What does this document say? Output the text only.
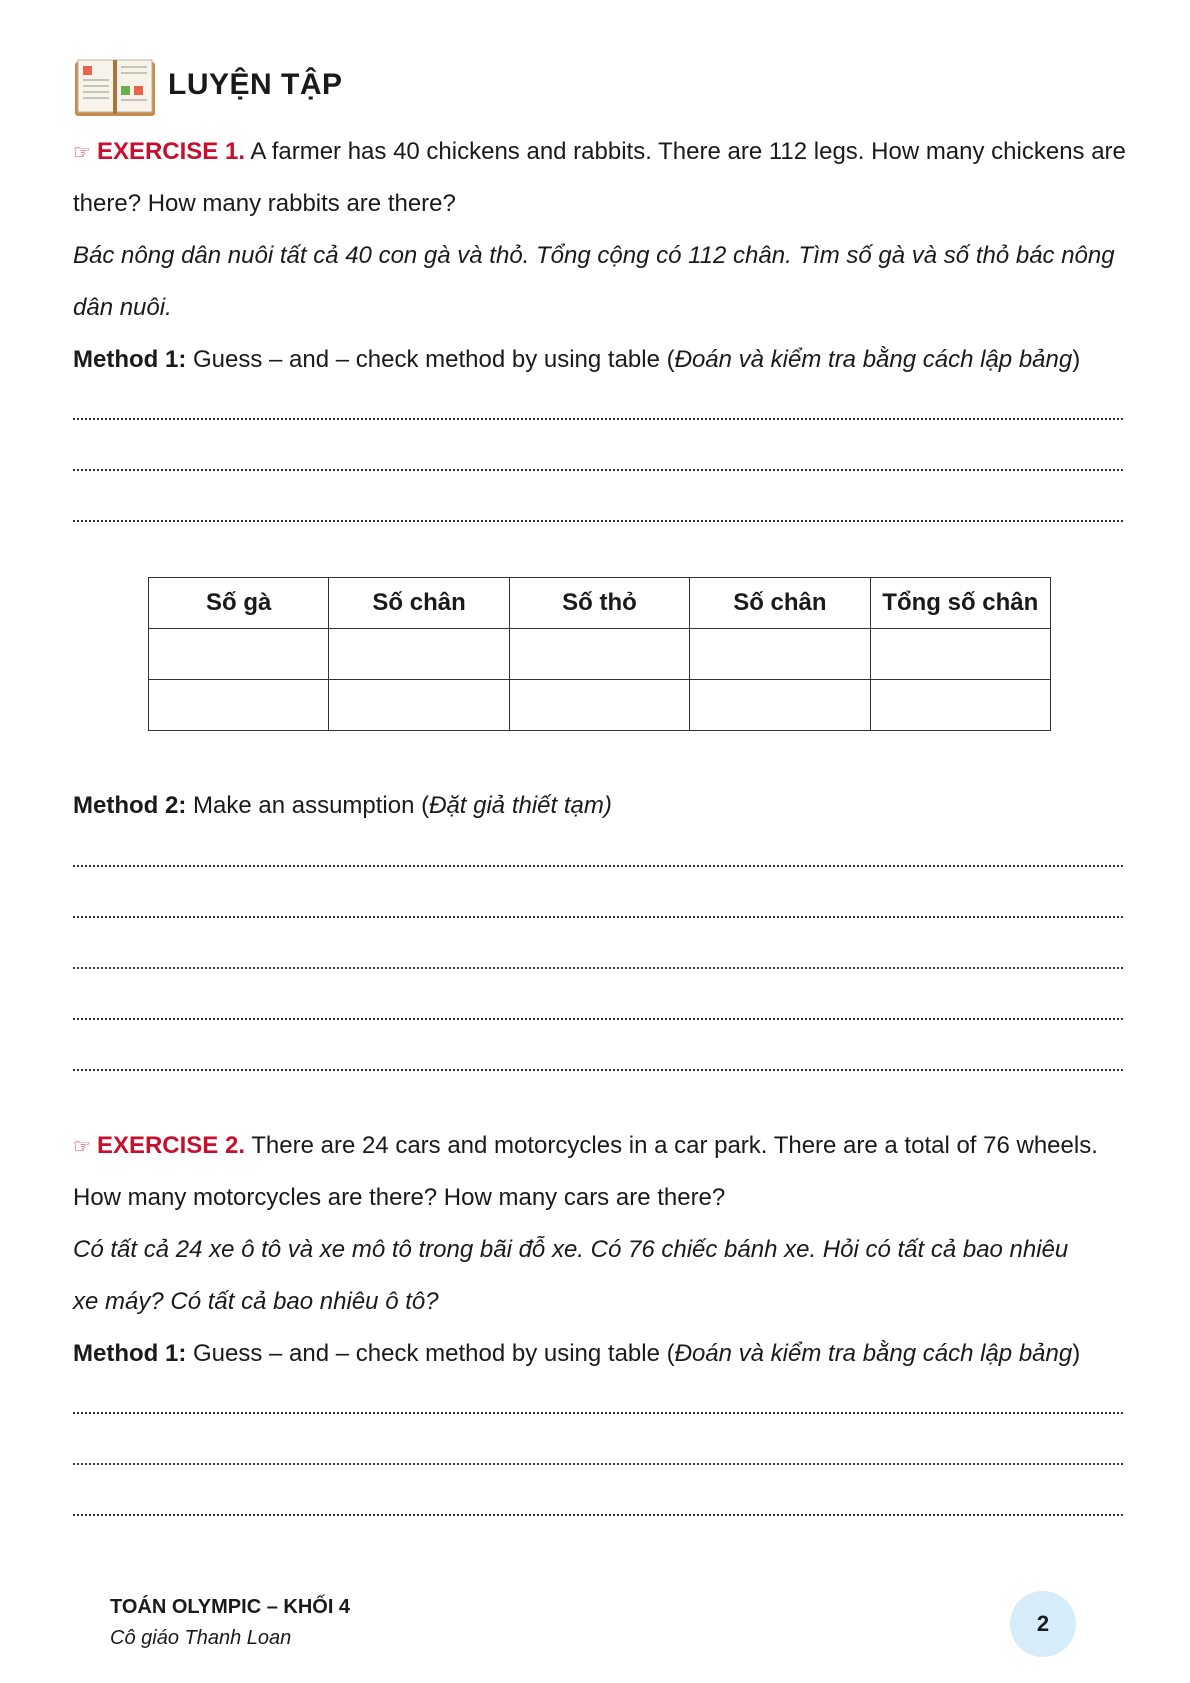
LUYỆN TẬP
☞ EXERCISE 1. A farmer has 40 chickens and rabbits. There are 112 legs. How many chickens are
there? How many rabbits are there?
Bác nông dân nuôi tất cả 40 con gà và thỏ. Tổng cộng có 112 chân. Tìm số gà và số thỏ bác nông
dân nuôi.
Method 1: Guess – and – check method by using table (Đoán và kiểm tra bằng cách lập bảng)
Số gà	Số chân	Số thỏ	Số chân	Tổng số chân

Method 2: Make an assumption (Đặt giả thiết tạm)
☞ EXERCISE 2. There are 24 cars and motorcycles in a car park. There are a total of 76 wheels.
How many motorcycles are there? How many cars are there?
Có tất cả 24 xe ô tô và xe mô tô trong bãi đỗ xe. Có 76 chiếc bánh xe. Hỏi có tất cả bao nhiêu
xe máy? Có tất cả bao nhiêu ô tô?
Method 1: Guess – and – check method by using table (Đoán và kiểm tra bằng cách lập bảng)
TOÁN OLYMPIC – KHỐI 4
Cô giáo Thanh Loan
2
